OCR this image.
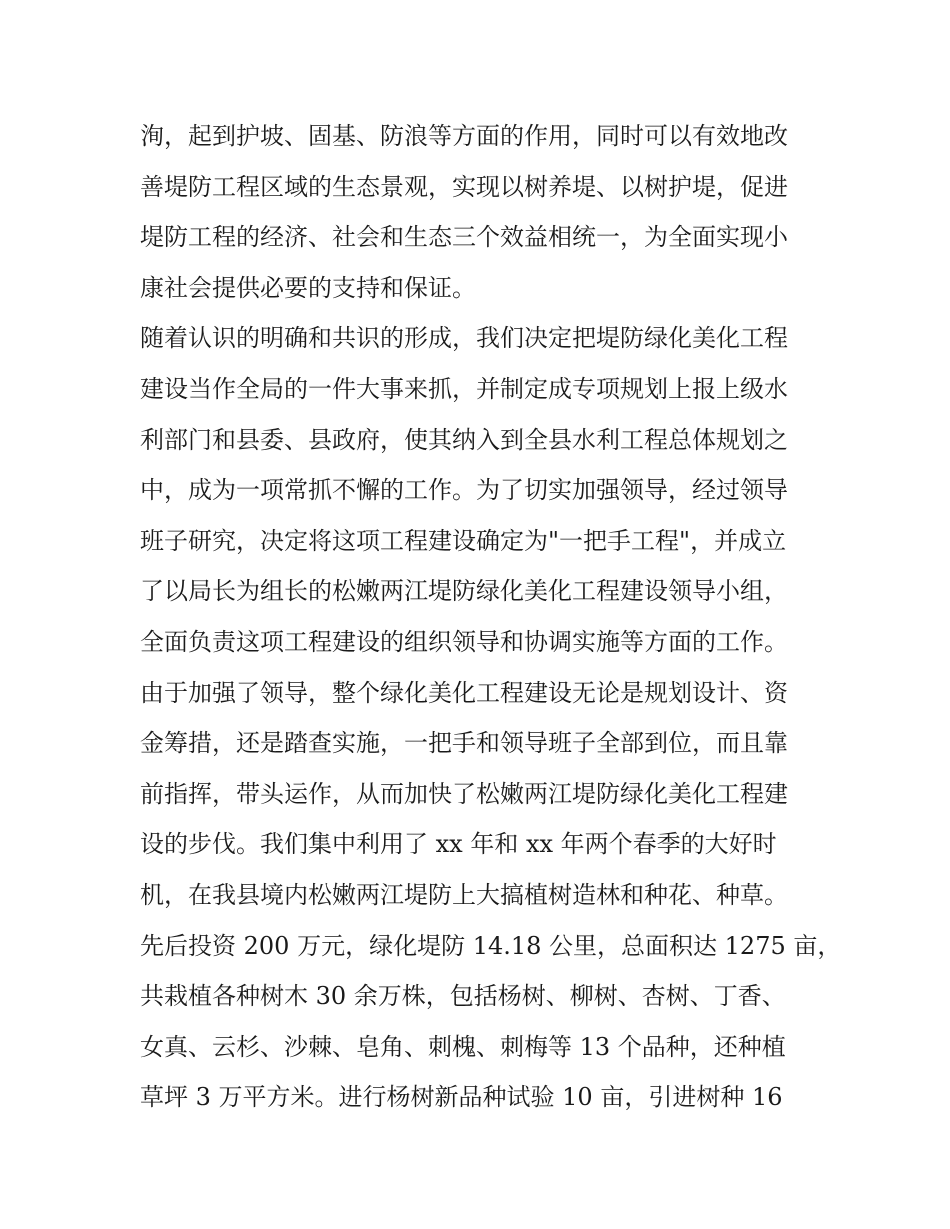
洵，起到护坡、固基、防浪等方面的作用，同时可以有效地改
善堤防工程区域的生态景观，实现以树养堤、以树护堤，促进
堤防工程的经济、社会和生态三个效益相统一，为全面实现小
康社会提供必要的支持和保证。
随着认识的明确和共识的形成，我们决定把堤防绿化美化工程
建设当作全局的一件大事来抓，并制定成专项规划上报上级水
利部门和县委、县政府，使其纳入到全县水利工程总体规划之
中，成为一项常抓不懈的工作。为了切实加强领导，经过领导
班子研究，决定将这项工程建设确定为"一把手工程"，并成立
了以局长为组长的松嫩两江堤防绿化美化工程建设领导小组，
全面负责这项工程建设的组织领导和协调实施等方面的工作。
由于加强了领导，整个绿化美化工程建设无论是规划设计、资
金筹措，还是踏查实施，一把手和领导班子全部到位，而且靠
前指挥，带头运作，从而加快了松嫩两江堤防绿化美化工程建
设的步伐。我们集中利用了 xx 年和 xx 年两个春季的大好时
机，在我县境内松嫩两江堤防上大搞植树造林和种花、种草。
先后投资 200 万元，绿化堤防 14.18 公里，总面积达 1275 亩，
共栽植各种树木 30 余万株，包括杨树、柳树、杏树、丁香、
女真、云杉、沙棘、皂角、刺槐、刺梅等 13 个品种，还种植
草坪 3 万平方米。进行杨树新品种试验 10 亩，引进树种 16
